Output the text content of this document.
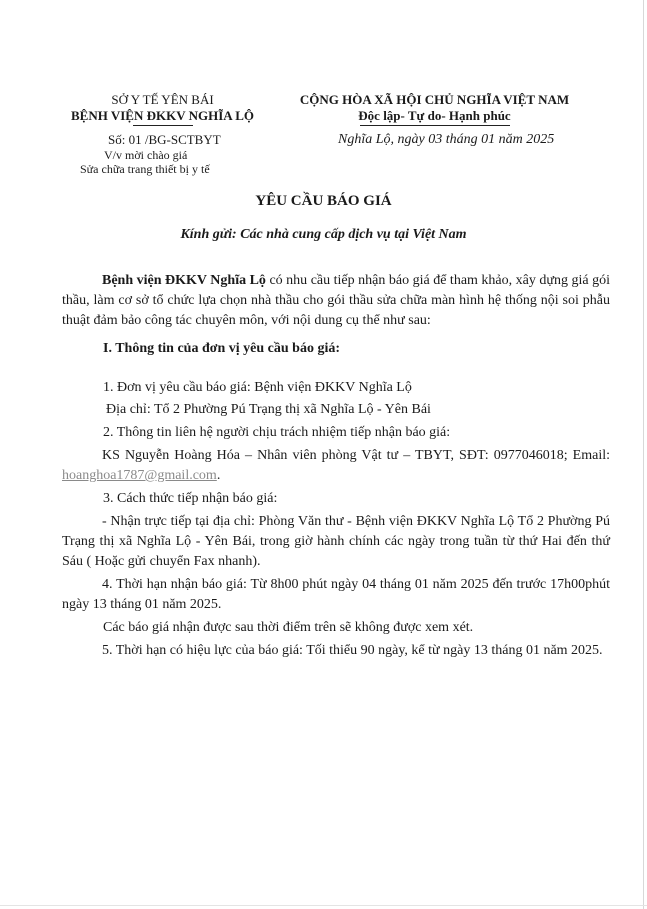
SỞ Y TẾ YÊN BÁI
BỆNH VIỆN ĐKKV NGHĨA LỘ
CỘNG HÒA XÃ HỘI CHỦ NGHĨA VIỆT NAM
Độc lập- Tự do- Hạnh phúc
Số: 01 /BG-SCTBYT
V/v mời chào giá
Sửa chữa trang thiết bị y tế
Nghĩa Lộ, ngày 03 tháng 01 năm 2025
YÊU CẦU BÁO GIÁ
Kính gửi: Các nhà cung cấp dịch vụ tại Việt Nam
Bệnh viện ĐKKV Nghĩa Lộ có nhu cầu tiếp nhận báo giá để tham khảo, xây dựng giá gói thầu, làm cơ sở tổ chức lựa chọn nhà thầu cho gói thầu sửa chữa màn hình hệ thống nội soi phẫu thuật đảm bảo công tác chuyên môn, với nội dung cụ thể như sau:
I. Thông tin của đơn vị yêu cầu báo giá:
1. Đơn vị yêu cầu báo giá: Bệnh viện ĐKKV Nghĩa Lộ
Địa chỉ: Tổ 2 Phường Pú Trạng thị xã Nghĩa Lộ - Yên Bái
2. Thông tin liên hệ người chịu trách nhiệm tiếp nhận báo giá:
KS Nguyễn Hoàng Hóa – Nhân viên phòng Vật tư – TBYT, SĐT: 0977046018; Email: hoanghoa1787@gmail.com.
3. Cách thức tiếp nhận báo giá:
- Nhận trực tiếp tại địa chỉ: Phòng Văn thư - Bệnh viện ĐKKV Nghĩa Lộ Tổ 2 Phường Pú Trạng thị xã Nghĩa Lộ - Yên Bái, trong giờ hành chính các ngày trong tuần từ thứ Hai đến thứ Sáu ( Hoặc gửi chuyển Fax nhanh).
4. Thời hạn nhận báo giá: Từ 8h00 phút ngày 04 tháng 01 năm 2025 đến trước 17h00phút ngày 13 tháng 01 năm 2025.
Các báo giá nhận được sau thời điểm trên sẽ không được xem xét.
5. Thời hạn có hiệu lực của báo giá: Tối thiểu 90 ngày, kể từ ngày 13 tháng 01 năm 2025.
